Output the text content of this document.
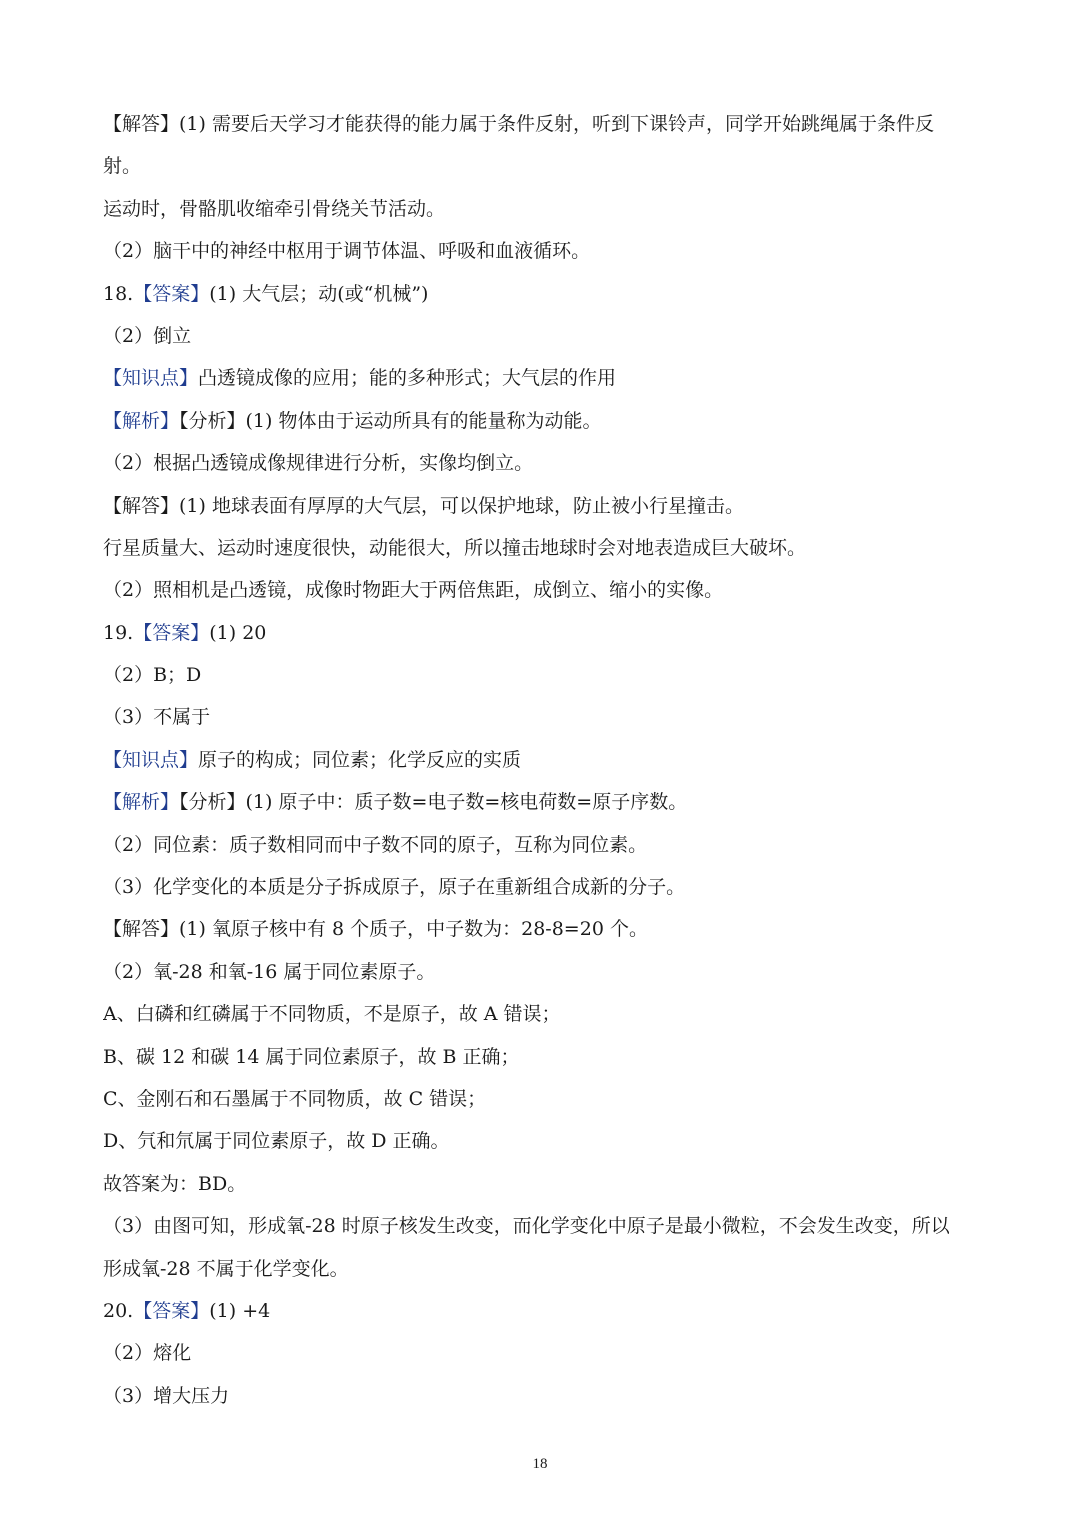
【解答】(1) 需要后天学习才能获得的能力属于条件反射，听到下课铃声，同学开始跳绳属于条件反
射。
运动时，骨骼肌收缩牵引骨绕关节活动。
（2）脑干中的神经中枢用于调节体温、呼吸和血液循环。
18.【答案】(1) 大气层；动(或“机械”)
（2）倒立
【知识点】凸透镜成像的应用；能的多种形式；大气层的作用
【解析】【分析】(1) 物体由于运动所具有的能量称为动能。
（2）根据凸透镜成像规律进行分析，实像均倒立。
【解答】(1) 地球表面有厚厚的大气层，可以保护地球，防止被小行星撞击。
行星质量大、运动时速度很快，动能很大，所以撞击地球时会对地表造成巨大破坏。
（2）照相机是凸透镜，成像时物距大于两倍焦距，成倒立、缩小的实像。
19.【答案】(1) 20
（2）B；D
（3）不属于
【知识点】原子的构成；同位素；化学反应的实质
【解析】【分析】(1) 原子中：质子数=电子数=核电荷数=原子序数。
（2）同位素：质子数相同而中子数不同的原子，互称为同位素。
（3）化学变化的本质是分子拆成原子，原子在重新组合成新的分子。
【解答】(1) 氧原子核中有 8 个质子，中子数为：28-8=20 个。
（2）氧-28 和氧-16 属于同位素原子。
A、白磷和红磷属于不同物质，不是原子，故 A 错误；
B、碳 12 和碳 14 属于同位素原子，故 B 正确；
C、金刚石和石墨属于不同物质，故 C 错误；
D、氕和氘属于同位素原子，故 D 正确。
故答案为：BD。
（3）由图可知，形成氧-28 时原子核发生改变，而化学变化中原子是最小微粒，不会发生改变，所以
形成氧-28 不属于化学变化。
20.【答案】(1) +4
（2）熔化
（3）增大压力
18
